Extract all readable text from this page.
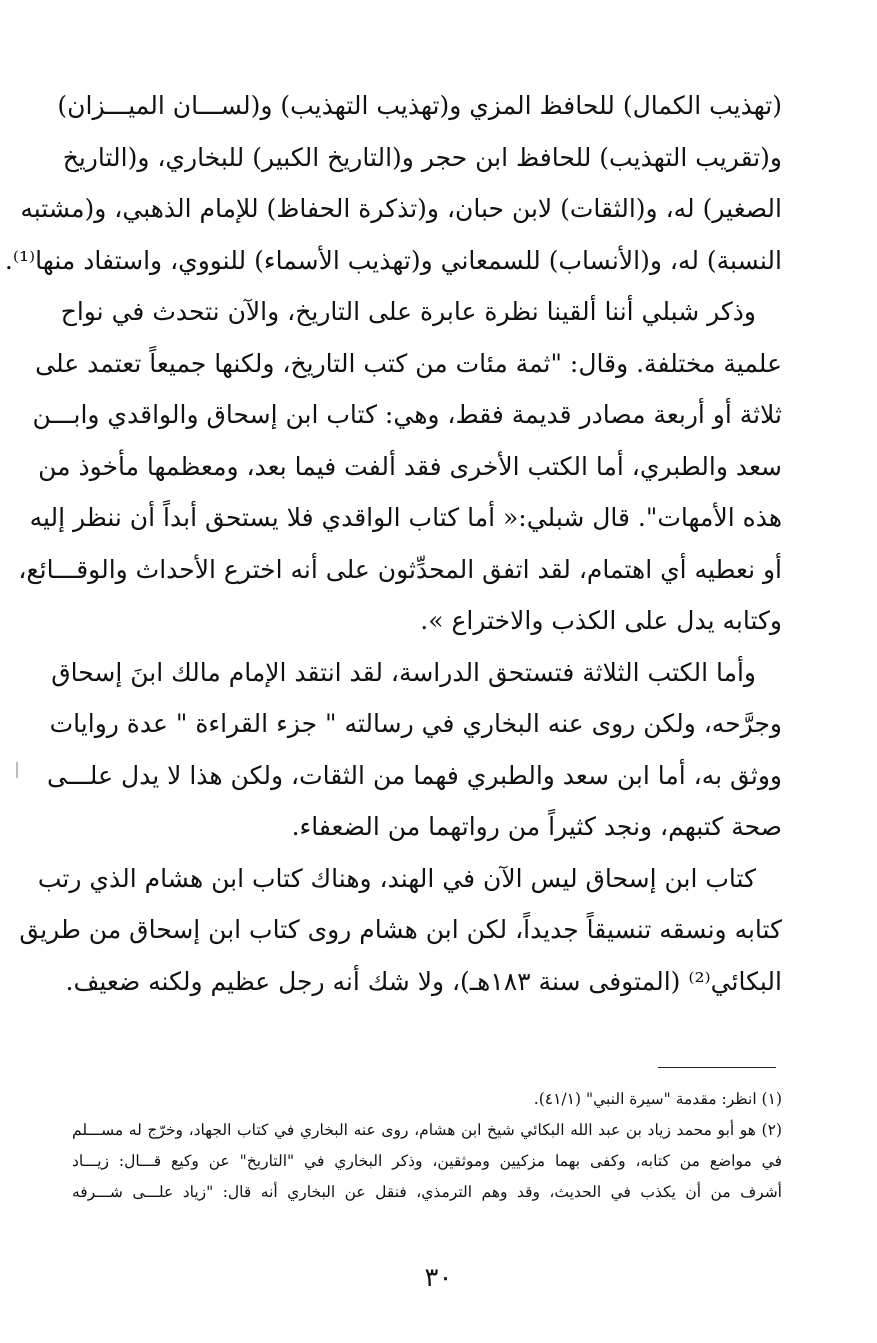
(تهذيب الكمال) للحافظ المزي و(تهذيب التهذيب) و(لســـان الميـــزان)
و(تقريب التهذيب) للحافظ ابن حجر و(التاريخ الكبير) للبخاري، و(التاريخ
الصغير) له، و(الثقات) لابن حبان، و(تذكرة الحفاظ) للإمام الذهبي، و(مشتبه
النسبة) له، و(الأنساب) للسمعاني و(تهذيب الأسماء) للنووي، واستفاد منها⁽¹⁾.
وذكر شبلي أننا ألقينا نظرة عابرة على التاريخ، والآن نتحدث في نواح
علمية مختلفة. وقال: "ثمة مئات من كتب التاريخ، ولكنها جميعاً تعتمد على
ثلاثة أو أربعة مصادر قديمة فقط، وهي: كتاب ابن إسحاق والواقدي وابـــن
سعد والطبري، أما الكتب الأخرى فقد ألفت فيما بعد، ومعظمها مأخوذ من
هذه الأمهات". قال شبلي:« أما كتاب الواقدي فلا يستحق أبداً أن ننظر إليه
أو نعطيه أي اهتمام، لقد اتفق المحدِّثون على أنه اخترع الأحداث والوقـــائع،
وكتابه يدل على الكذب والاختراع ».
وأما الكتب الثلاثة فتستحق الدراسة، لقد انتقد الإمام مالك ابنَ إسحاق
وجرَّحه، ولكن روى عنه البخاري في رسالته " جزء القراءة " عدة روايات
ووثق به، أما ابن سعد والطبري فهما من الثقات، ولكن هذا لا يدل علـــى
صحة كتبهم، ونجد كثيراً من رواتهما من الضعفاء.
كتاب ابن إسحاق ليس الآن في الهند، وهناك كتاب ابن هشام الذي رتب
كتابه ونسقه تنسيقاً جديداً، لكن ابن هشام روى كتاب ابن إسحاق من طريق
البكائي⁽²⁾ (المتوفى سنة ١٨٣هـ)، ولا شك أنه رجل عظيم ولكنه ضعيف.
(١) انظر: مقدمة "سيرة النبي" (٤١/١).
(٢) هو أبو محمد زياد بن عبد الله البكائي شيخ ابن هشام، روى عنه البخاري في كتاب الجهاد، وخرّج له مســـلم
في مواضع من كتابه، وكفى بهما مزكيين وموثقين، وذكر البخاري في "التاريخ" عن وكيع قـــال: زيـــاد
أشرف من أن يكذب في الحديث، وقد وهم الترمذي، فنقل عن البخاري أنه قال: "زياد علـــى شـــرفه
٣٠
